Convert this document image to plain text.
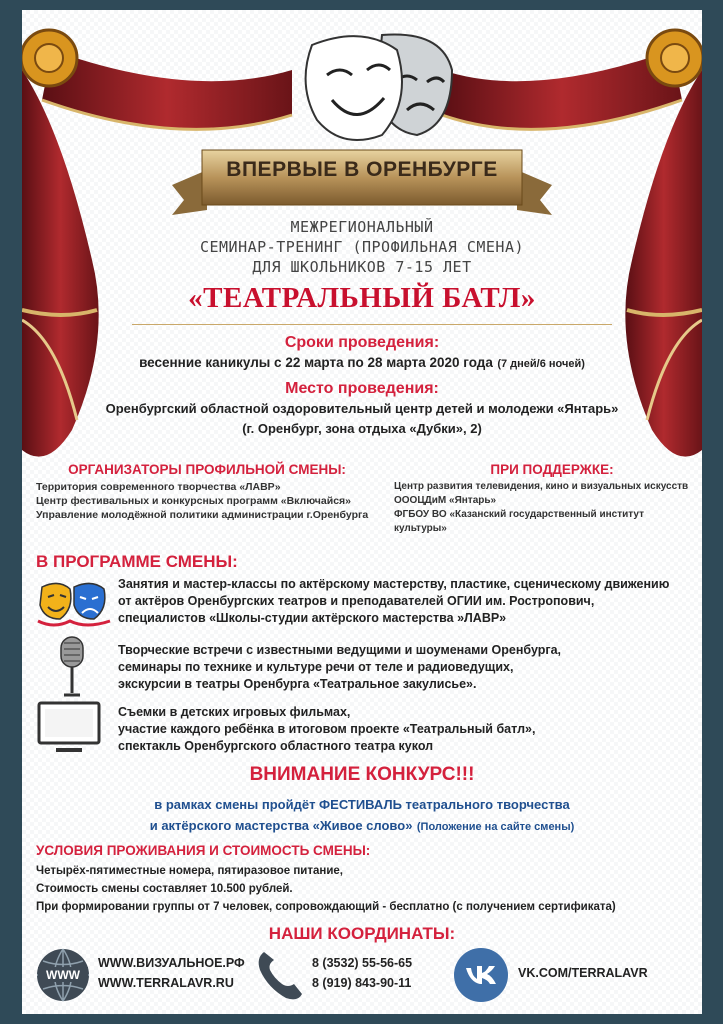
ВПЕРВЫЕ В ОРЕНБУРГЕ
МЕЖРЕГИОНАЛЬНЫЙ
СЕМИНАР-ТРЕНИНГ (ПРОФИЛЬНАЯ СМЕНА)
ДЛЯ ШКОЛЬНИКОВ 7-15 ЛЕТ
«ТЕАТРАЛЬНЫЙ БАТЛ»
Сроки проведения:
весенние каникулы с 22 марта по 28 марта 2020 года (7 дней/6 ночей)
Место проведения:
Оренбургский областной оздоровительный центр детей и молодежи «Янтарь»
(г. Оренбург, зона отдыха «Дубки», 2)
ОРГАНИЗАТОРЫ ПРОФИЛЬНОЙ СМЕНЫ:
Территория современного творчества «ЛАВР»
Центр фестивальных и конкурсных программ «Включайся»
Управление молодёжной политики администрации г.Оренбурга
ПРИ ПОДДЕРЖКЕ:
Центр развития телевидения, кино и визуальных искусств
ОООЦДиМ «Янтарь»
ФГБОУ ВО «Казанский государственный институт культуры»
В ПРОГРАММЕ СМЕНЫ:
Занятия и мастер-классы по актёрскому мастерству, пластике, сценическому движению
от актёров Оренбургских театров и преподавателей ОГИИ им. Ростропович,
специалистов «Школы-студии актёрского мастерства »ЛАВР»
Творческие встречи с известными ведущими и шоуменами Оренбурга,
семинары по технике и культуре речи от теле и радиоведущих,
экскурсии в театры Оренбурга «Театральное закулисье».
Съемки в детских игровых фильмах,
участие каждого ребёнка в итоговом проекте «Театральный батл»,
спектакль Оренбургского областного театра кукол
ВНИМАНИЕ КОНКУРС!!!
в рамках смены пройдёт ФЕСТИВАЛЬ театрального творчества
и актёрского мастерства «Живое слово» (Положение на сайте смены)
УСЛОВИЯ ПРОЖИВАНИЯ И СТОИМОСТЬ СМЕНЫ:
Четырёх-пятиместные номера, пятиразовое питание,
Стоимость смены составляет 10.500 рублей.
При формировании группы от 7 человек, сопровождающий - бесплатно (с получением сертификата)
НАШИ КООРДИНАТЫ:
WWW
WWW.ВИЗУАЛЬНОЕ.РФ
WWW.TERRALAVR.RU
8 (3532) 55-56-65
8 (919) 843-90-11
VK.COM/TERRALAVR
